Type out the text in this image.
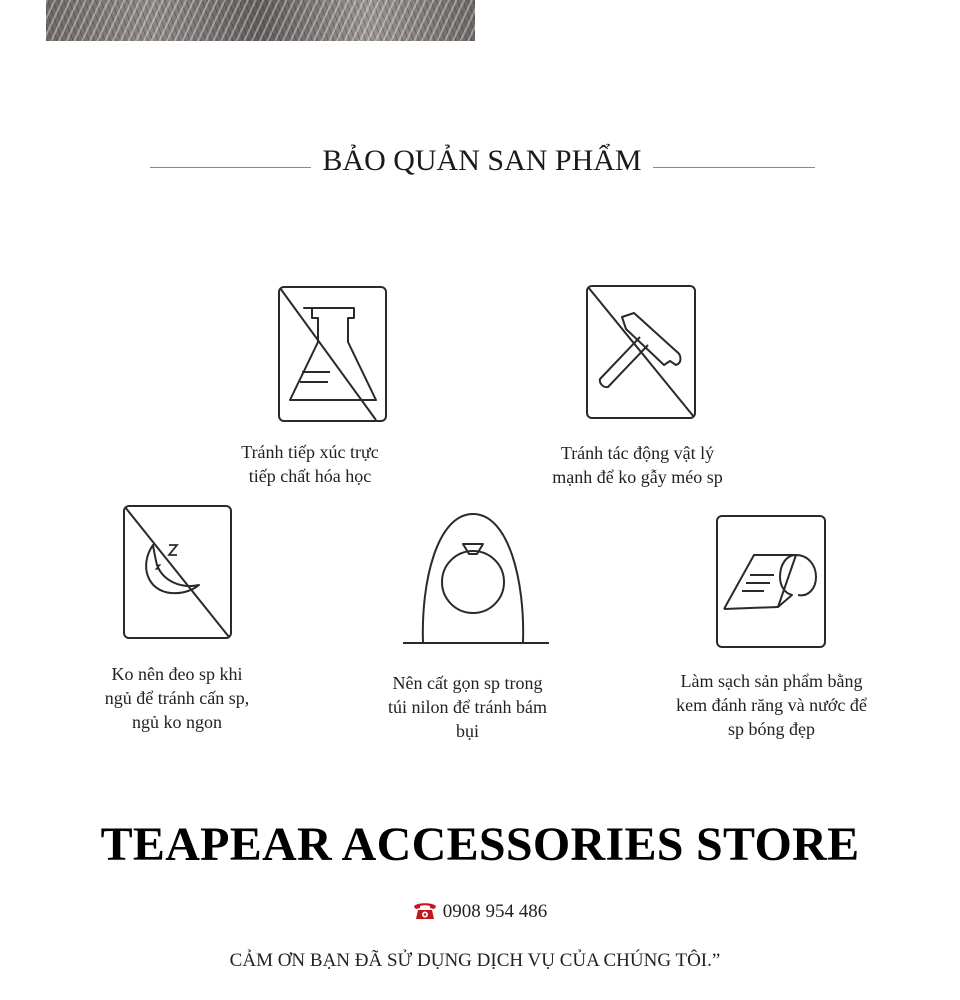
BẢO QUẢN SAN PHẨM
Tránh tiếp xúc trực
tiếp chất hóa học
Tránh tác động vật lý
mạnh để ko gẫy méo sp
Ko nên đeo sp khi
ngủ để tránh cấn sp,
ngủ ko ngon
Nên cất gọn sp trong
túi nilon để tránh bám
bụi
Làm sạch sản phẩm bằng
kem đánh răng và nước để
sp bóng đẹp
TEAPEAR ACCESSORIES STORE
0908 954 486
CẢM ƠN BẠN ĐÃ SỬ DỤNG DỊCH VỤ CỦA CHÚNG TÔI.”
